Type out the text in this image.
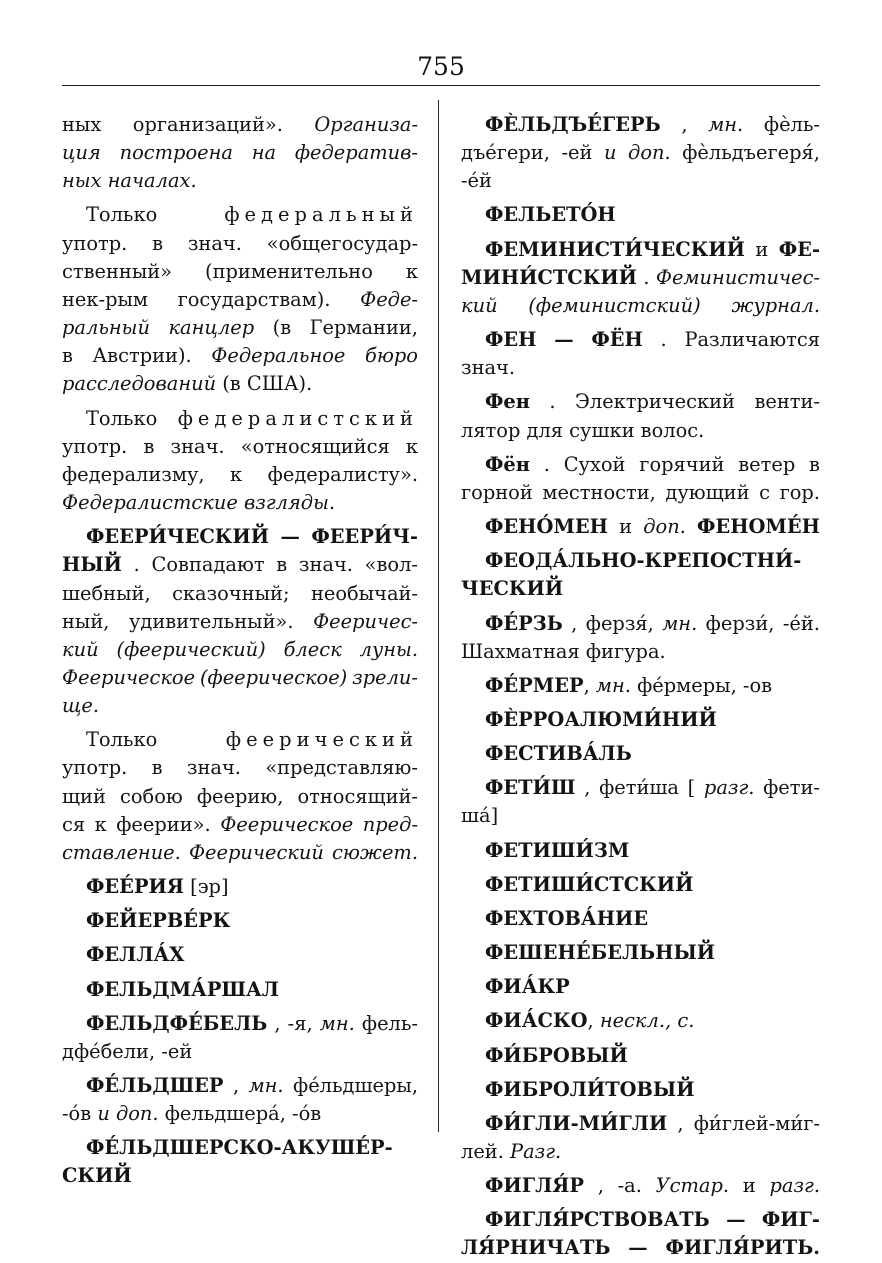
755
ных организаций». Организа-
ция построена на федератив-
ных началах.
Только	федеральный
употр. в знач. «общегосудар-
ственный» (применительно к
нек-рым государствам). Феде-
ральный канцлер (в Германии,
в Австрии). Федеральное бюро
расследований (в США).
Только федералистский
употр. в знач. «относящийся к
федерализму, к федералисту».
Федералистские взгляды.
ФЕЕРИ́ЧЕСКИЙ — ФЕЕРИ́Ч-
НЫЙ . Совпадают в знач. «вол-
шебный, сказочный; необычай-
ный, удивительный». Фееричес-
кий (феерический) блеск луны.
Феерическое (феерическое) зрели-
ще.
Только	феерический
употр. в знач. «представляю-
щий собою феерию, относящий-
ся к феерии». Феерическое пред-
ставление. Феерический сюжет.
ФЕЕ́РИЯ [эр]
ФЕЙЕРВЕ́РК
ФЕЛЛА́Х
ФЕЛЬДМА́РШАЛ
ФЕЛЬДФЕ́БЕЛЬ , -я, мн. фель-
дфе́бели, -ей
ФЕ́ЛЬДШЕР , мн. фе́льдшеры,
-о́в и доп. фельдшера́, -о́в
ФЕ́ЛЬДШЕРСКО-АКУШЕ́Р-
СКИЙ
ФЀЛЬДЪЕ́ГЕРЬ , мн. фѐль-
дъе́гери, -ей и доп. фѐльдъегеря́,
-е́й
ФЕЛЬЕТО́Н
ФЕМИНИСТИ́ЧЕСКИЙ и ФЕ-
МИНИ́СТСКИЙ . Феминистичес-
кий (феминистский) журнал.
ФЕН — ФЁН . Различаются
знач.
Фен . Электрический венти-
лятор для сушки волос.
Фён . Сухой горячий ветер в
горной местности, дующий с гор.
ФЕНО́МЕН и доп. ФЕНОМЕ́Н
ФЕОДА́ЛЬНО-КРЕПОСТНИ́-
ЧЕСКИЙ
ФЕ́РЗЬ , ферзя́, мн. ферзи́, -е́й.
Шахматная фигура.
ФЕ́РМЕР, мн. фе́рмеры, -ов
ФЀРРОАЛЮМИ́НИЙ
ФЕСТИВА́ЛЬ
ФЕТИ́Ш , фети́ша [ разг. фети-
ша́]
ФЕТИШИ́ЗМ
ФЕТИШИ́СТСКИЙ
ФЕХТОВА́НИЕ
ФЕШЕНЕ́БЕЛЬНЫЙ
ФИА́КР
ФИА́СКО, нескл., с.
ФИ́БРОВЫЙ
ФИБРОЛИ́ТОВЫЙ
ФИ́ГЛИ-МИ́ГЛИ , фи́глей-ми́г-
лей. Разг.
ФИГЛЯ́Р , -а. Устар. и разг.
ФИГЛЯ́РСТВОВАТЬ — ФИГ-
ЛЯ́РНИЧАТЬ — ФИГЛЯ́РИТЬ.
